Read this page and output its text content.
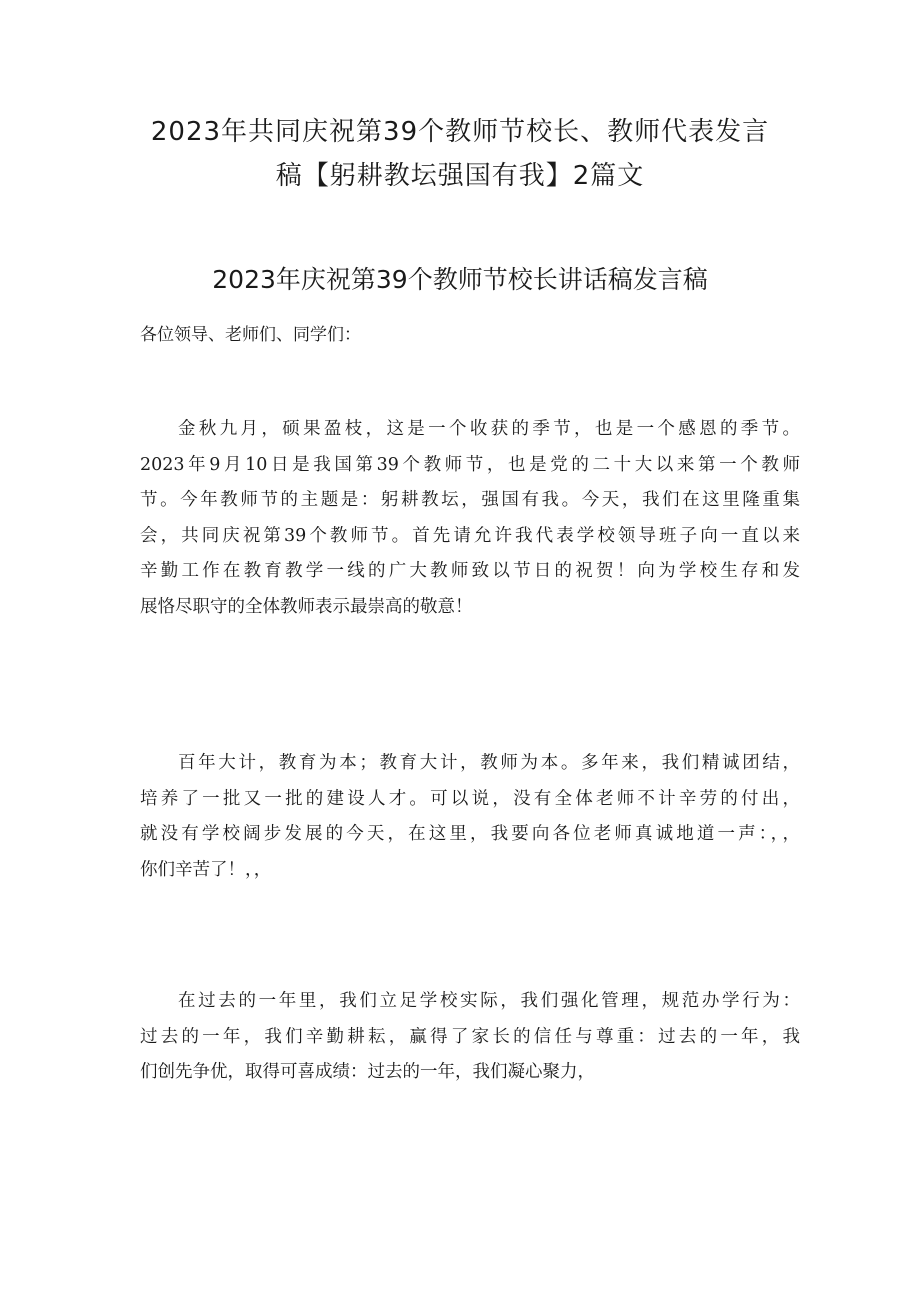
2023年共同庆祝第39个教师节校长、教师代表发言
稿【躬耕教坛强国有我】2篇文
2023年庆祝第39个教师节校长讲话稿发言稿
各位领导、老师们、同学们：
金秋九月，硕果盈枝，这是一个收获的季节，也是一个感恩的季节。
2023年9月10日是我国第39个教师节，也是党的二十大以来第一个教师
节。今年教师节的主题是：躬耕教坛，强国有我。今天，我们在这里隆重集
会，共同庆祝第39个教师节。首先请允许我代表学校领导班子向一直以来
辛勤工作在教育教学一线的广大教师致以节日的祝贺！向为学校生存和发
展恪尽职守的全体教师表示最崇高的敬意！
百年大计，教育为本；教育大计，教师为本。多年来，我们精诚团结，
培养了一批又一批的建设人才。可以说，没有全体老师不计辛劳的付出，
就没有学校阔步发展的今天，在这里，我要向各位老师真诚地道一声：，，
你们辛苦了！，，
在过去的一年里，我们立足学校实际，我们强化管理，规范办学行为：
过去的一年，我们辛勤耕耘，赢得了家长的信任与尊重：过去的一年，我
们创先争优，取得可喜成绩：过去的一年，我们凝心聚力，
